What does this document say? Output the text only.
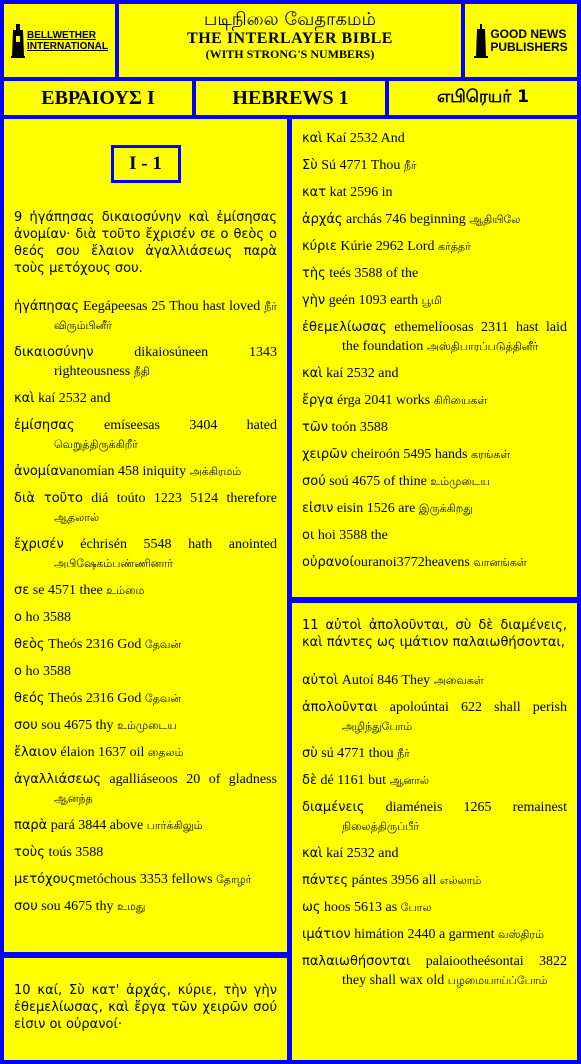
BELLWETHER
INTERNATIONAL
படிநிலை வேதாகமம்
THE INTERLAYER BIBLE
(WITH STRONG'S NUMBERS)
GOOD NEWS
PUBLISHERS
ΕΒΡΑΙΟΥΣ Ι	HEBREWS 1	எபிரெயர் 1
I - 1
9 ἠγάπησας δικαιοσύνην καὶ ἐμίσησας ἀνομίαν· διὰ τοῦτο ἔχρισέν σε ο θεὸς ο θεός σου ἔλαιον ἀγαλλιάσεως παρὰ τοὺς μετόχους σου.
ἠγάπησας Eegápeesas 25 Thou hast loved நீர் விரும்பினீர்
δικαιοσύνην dikaiosúneen 1343 righteousness நீதி
καὶ kaí 2532 and
ἐμίσησας emíseesas 3404 hated வெறுத்திருக்கிறீர்
ἀνομίανanomían 458 iniquity அக்கிரமம்
διὰ τοῦτο diá toúto 1223 5124 therefore ஆதலால்
ἔχρισέν échrisén 5548 hath anointed அபிஷேகம்பண்ணினார்
σε se 4571 thee உம்மை
ο ho 3588
θεὸς Theós 2316 God தேவன்
ο ho 3588
θεός Theós 2316 God தேவன்
σου sou 4675 thy உம்முடைய
ἔλαιον élaion 1637 oil தைலம்
ἀγαλλιάσεως agalliáseoos 20 of gladness ஆனந்த
παρὰ pará 3844 above பார்க்கிலும்
τοὺς toús 3588
μετόχουςmetóchous 3353 fellows தோழர்
σου sou 4675 thy உமது
10 καί, Σὺ κατ' ἀρχάς, κύριε, τὴν γὴν ἐθεμελίωσας, καὶ ἔργα τῶν χειρῶν σού εἰσιν οι οὐρανοί·
καὶ Kaí 2532 And
Σὺ Sú 4771 Thou நீர்
κατ kat 2596 in
ἀρχάς archás 746 beginning ஆதியிலே
κύριε Kúrie 2962 Lord கர்த்தர்
τὴς teés 3588 of the
γὴν geén 1093 earth பூமி
ἐθεμελίωσας ethemelíoosas 2311 hast laid the foundation அஸ்திபாரப்படுத்தினீர்
καὶ kaí 2532 and
ἔργα érga 2041 works கிரியைகள்
τῶν toón 3588
χειρῶν cheiroón 5495 hands கரங்கள்
σού soú 4675 of thine உம்முடைய
εἰσιν eisin 1526 are இருக்கிறது
οι hoi 3588 the
οὐρανοίouranoi3772heavens வானங்கள்
11 αὐτοὶ ἀπολοῦνται, σὺ δὲ διαμένεις, καὶ πάντες ως ιμάτιον παλαιωθήσονται,
αὐτοὶ Autoí 846 They அவைகள்
ἀπολοῦνται apoloúntai 622 shall perish அழிந்துபோம்
σὺ sú 4771 thou நீர்
δὲ dé 1161 but ஆனால்
διαμένεις diaméneis 1265 remainest நிலைத்திருப்பீர்
καὶ kaí 2532 and
πάντες pántes 3956 all எல்லாம்
ως hoos 5613 as போல
ιμάτιον himátion 2440 a garment வஸ்திரம்
παλαιωθήσονται palaiootheésontai 3822 they shall wax old பழமையாய்ப்போம்
